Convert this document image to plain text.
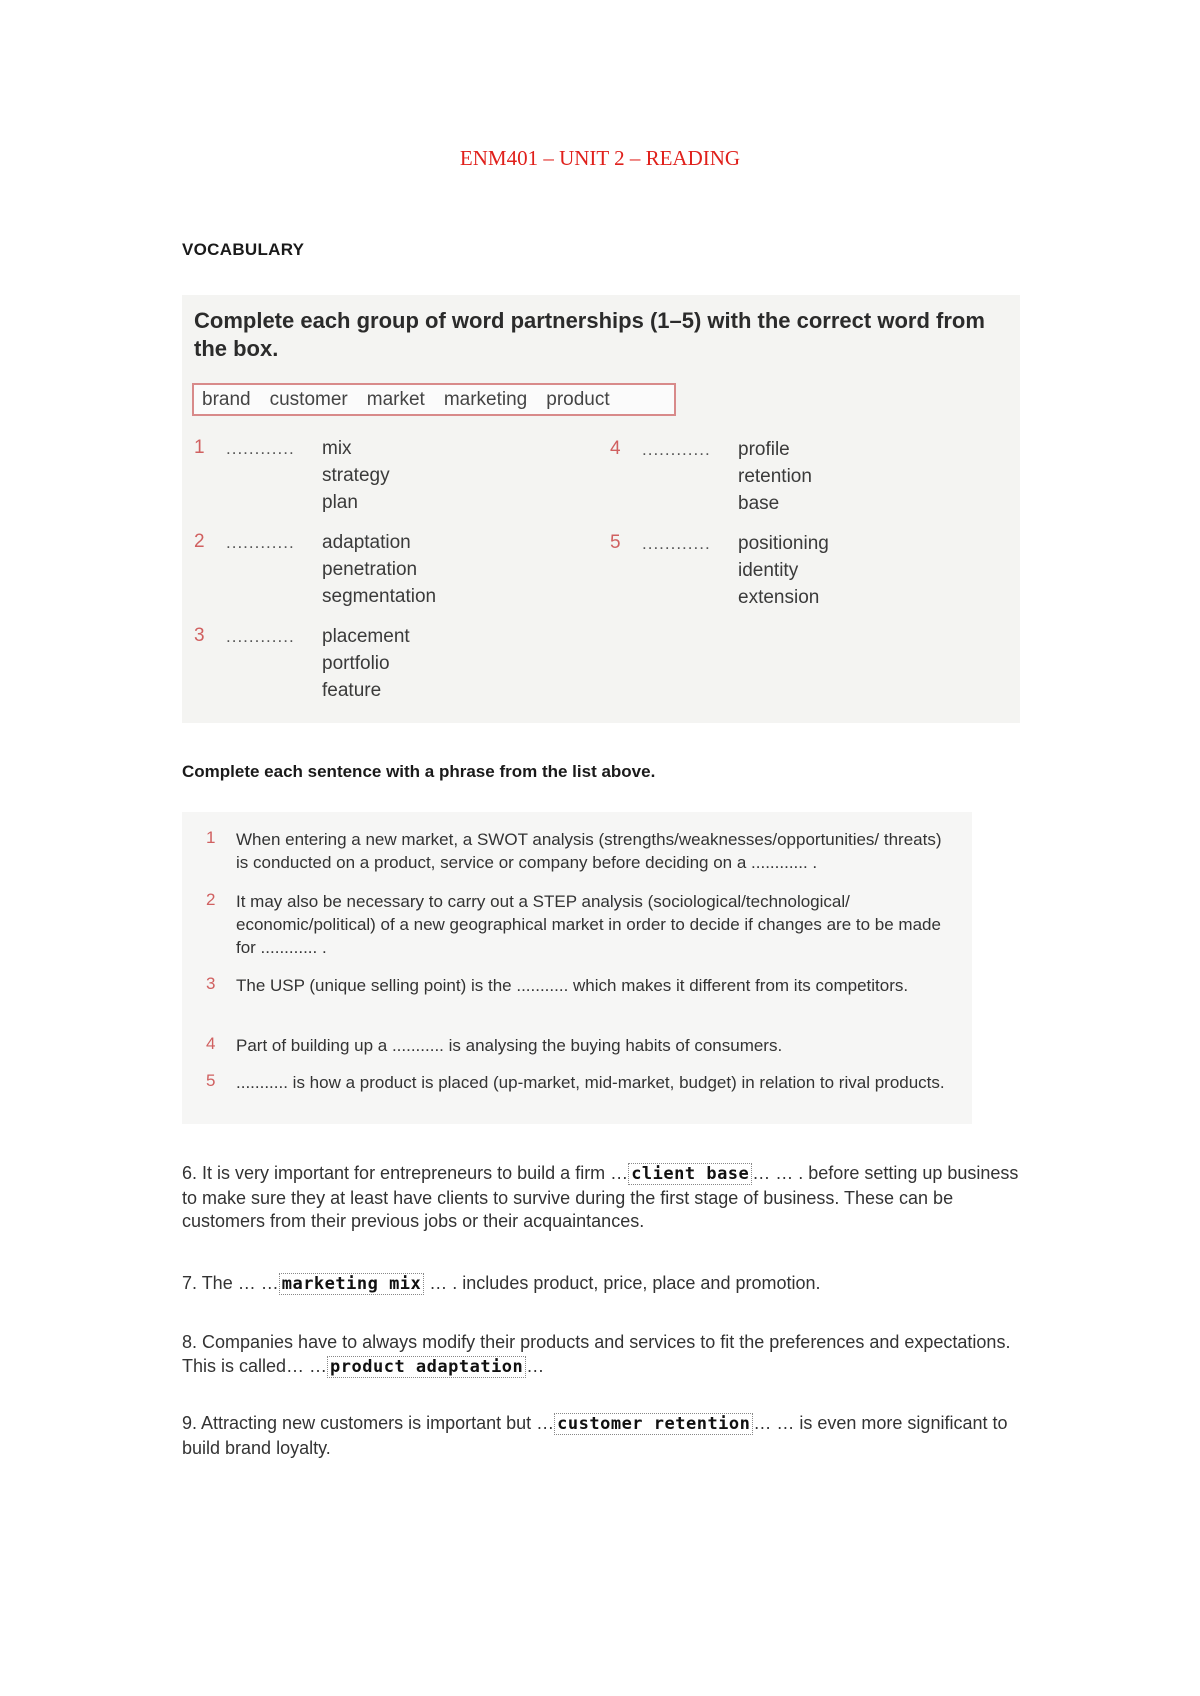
ENM401 – UNIT 2 – READING
VOCABULARY
Complete each group of word partnerships (1–5) with the correct word from the box.
brand customer market marketing product
1 ............ mix
strategy
plan
2 ............ adaptation
penetration
segmentation
3 ............ placement
portfolio
feature
4 ............ profile
retention
base
5 ............ positioning
identity
extension
Complete each sentence with a phrase from the list above.
1 When entering a new market, a SWOT analysis (strengths/weaknesses/opportunities/ threats) is conducted on a product, service or company before deciding on a ............ .
2 It may also be necessary to carry out a STEP analysis (sociological/technological/ economic/political) of a new geographical market in order to decide if changes are to be made for ............ .
3 The USP (unique selling point) is the ........... which makes it different from its competitors.
4 Part of building up a ........... is analysing the buying habits of consumers.
5 ........... is how a product is placed (up-market, mid-market, budget) in relation to rival products.
6. It is very important for entrepreneurs to build a firm … client base … … . before setting up business to make sure they at least have clients to survive during the first stage of business. These can be customers from their previous jobs or their acquaintances.
7. The … … marketing mix … . includes product, price, place and promotion.
8. Companies have to always modify their products and services to fit the preferences and expectations. This is called… … product adaptation …
9. Attracting new customers is important but … customer retention … … is even more significant to build brand loyalty.
